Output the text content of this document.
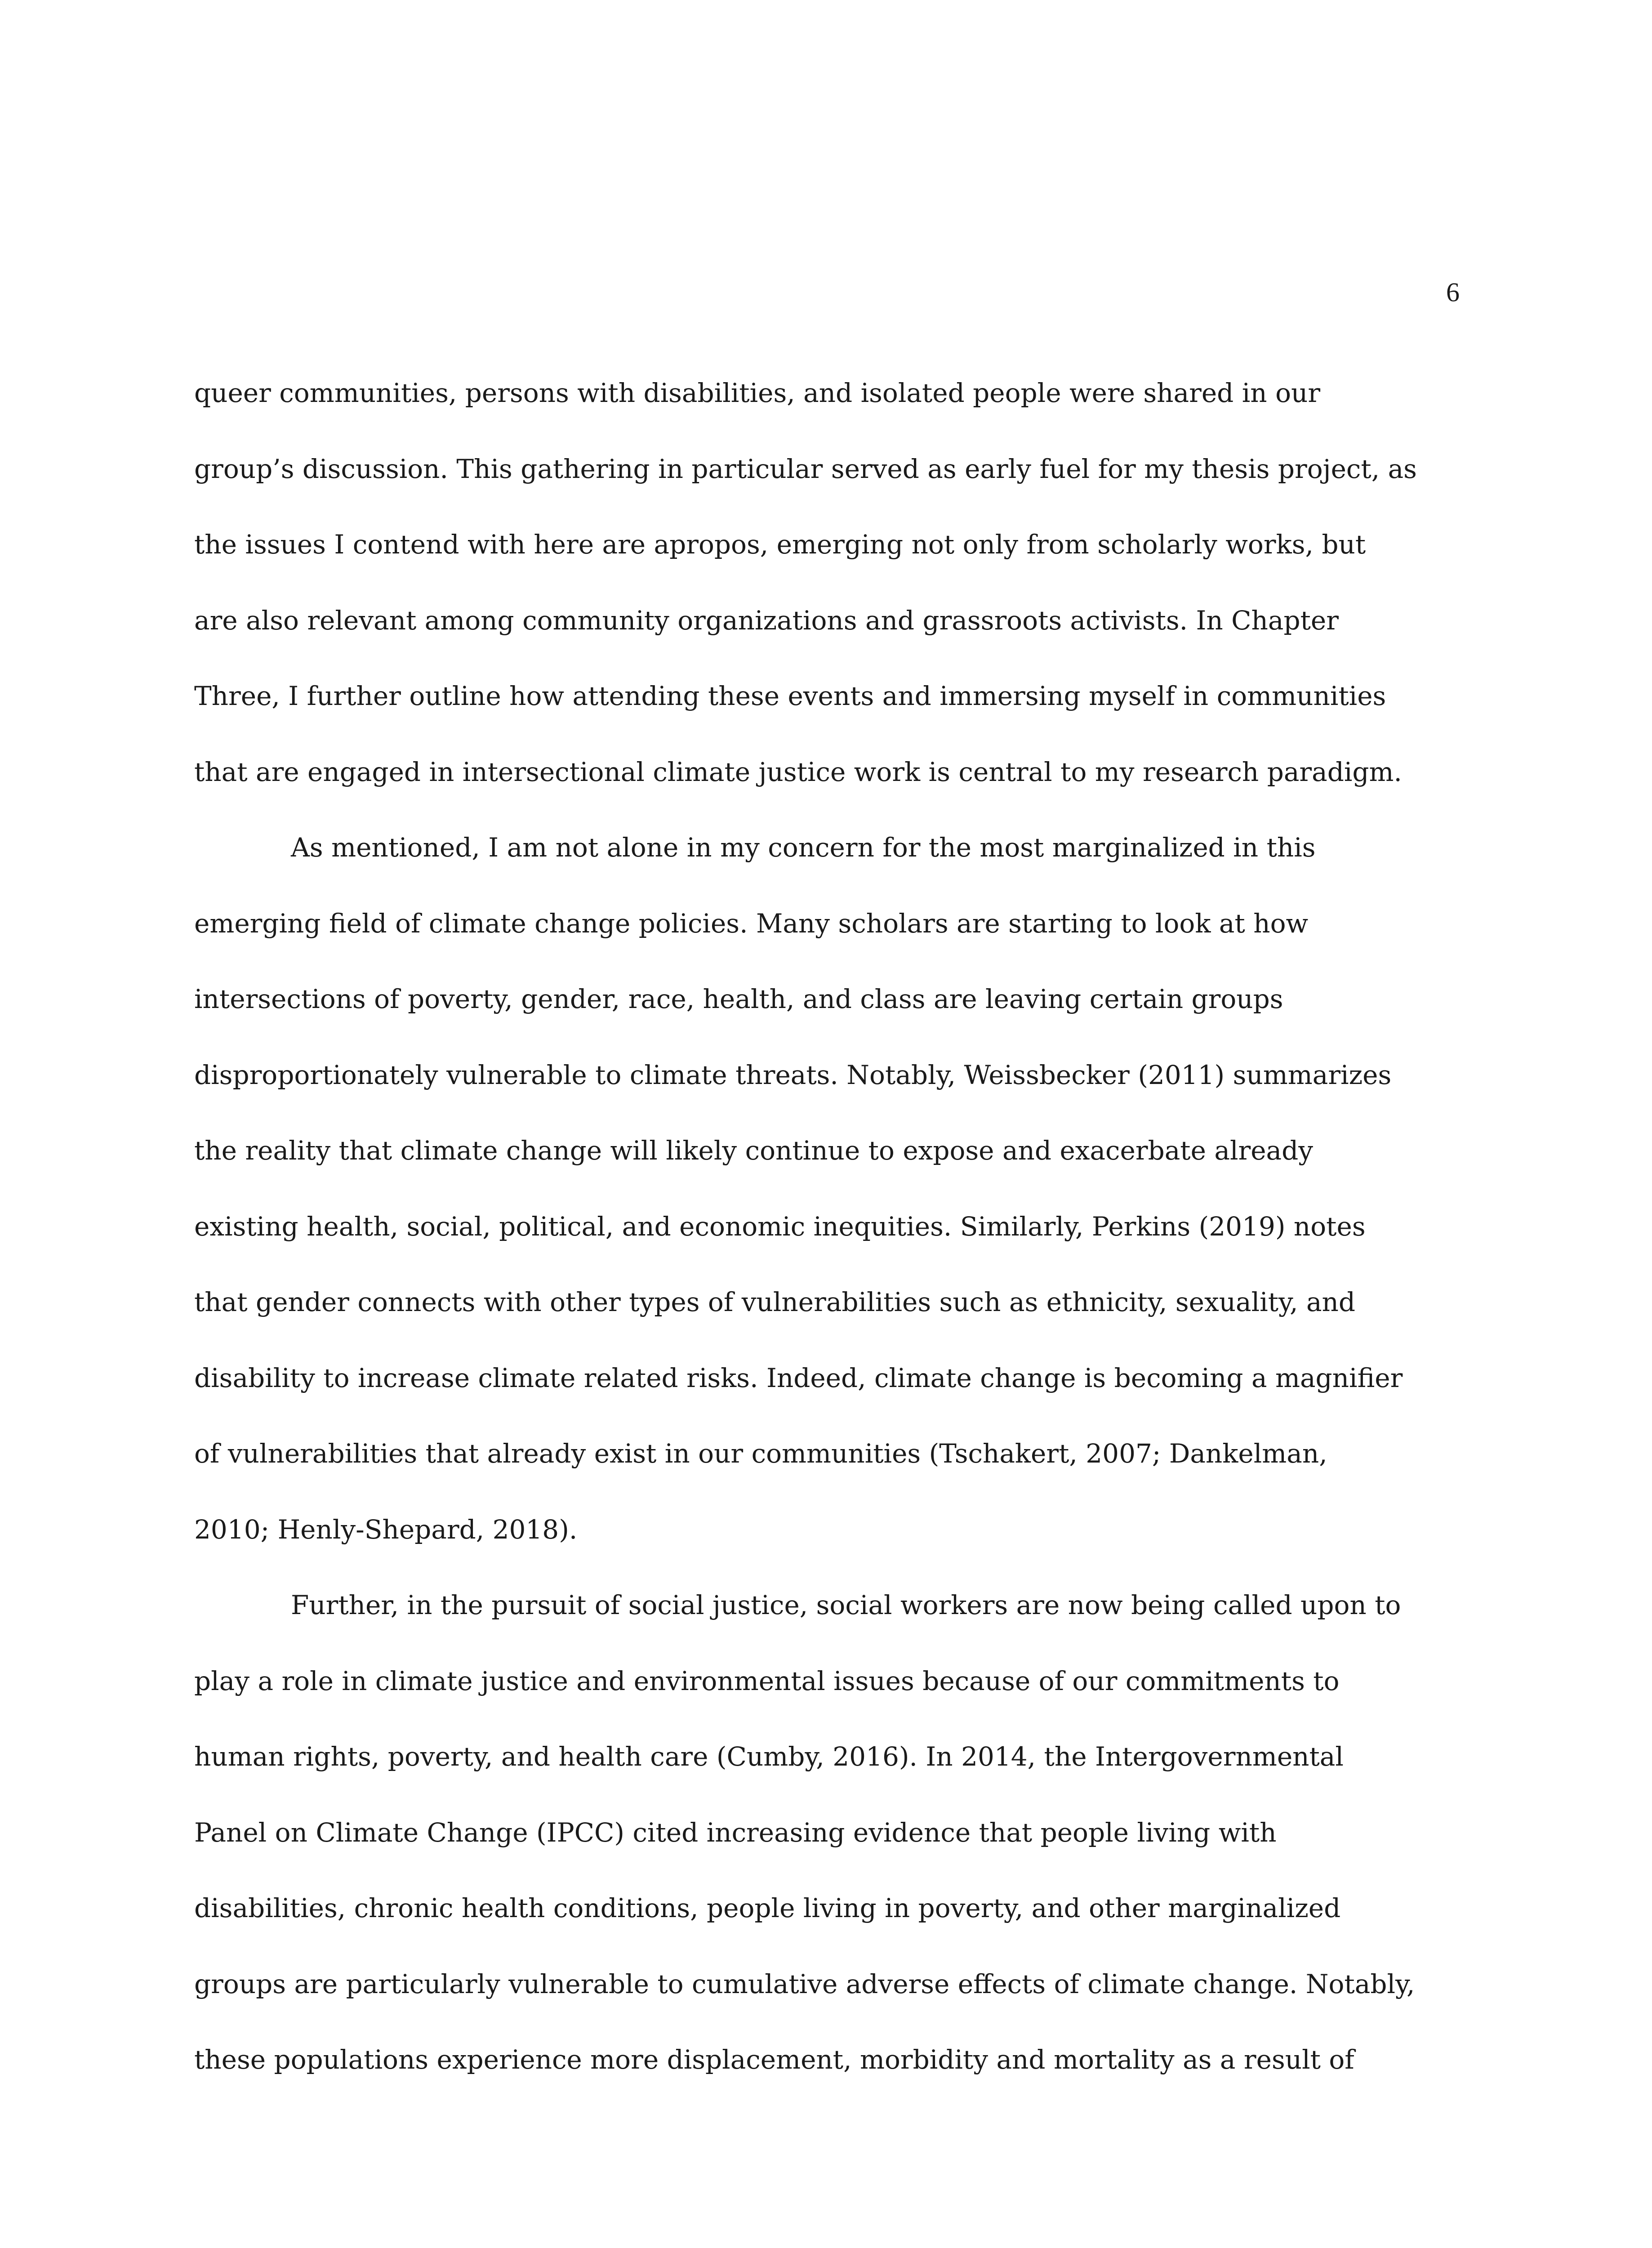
6
queer communities, persons with disabilities, and isolated people were shared in our
group’s discussion. This gathering in particular served as early fuel for my thesis project, as
the issues I contend with here are apropos, emerging not only from scholarly works, but
are also relevant among community organizations and grassroots activists. In Chapter
Three, I further outline how attending these events and immersing myself in communities
that are engaged in intersectional climate justice work is central to my research paradigm.
As mentioned, I am not alone in my concern for the most marginalized in this
emerging field of climate change policies. Many scholars are starting to look at how
intersections of poverty, gender, race, health, and class are leaving certain groups
disproportionately vulnerable to climate threats. Notably, Weissbecker (2011) summarizes
the reality that climate change will likely continue to expose and exacerbate already
existing health, social, political, and economic inequities. Similarly, Perkins (2019) notes
that gender connects with other types of vulnerabilities such as ethnicity, sexuality, and
disability to increase climate related risks. Indeed, climate change is becoming a magnifier
of vulnerabilities that already exist in our communities (Tschakert, 2007; Dankelman,
2010; Henly-Shepard, 2018).
Further, in the pursuit of social justice, social workers are now being called upon to
play a role in climate justice and environmental issues because of our commitments to
human rights, poverty, and health care (Cumby, 2016). In 2014, the Intergovernmental
Panel on Climate Change (IPCC) cited increasing evidence that people living with
disabilities, chronic health conditions, people living in poverty, and other marginalized
groups are particularly vulnerable to cumulative adverse effects of climate change. Notably,
these populations experience more displacement, morbidity and mortality as a result of
